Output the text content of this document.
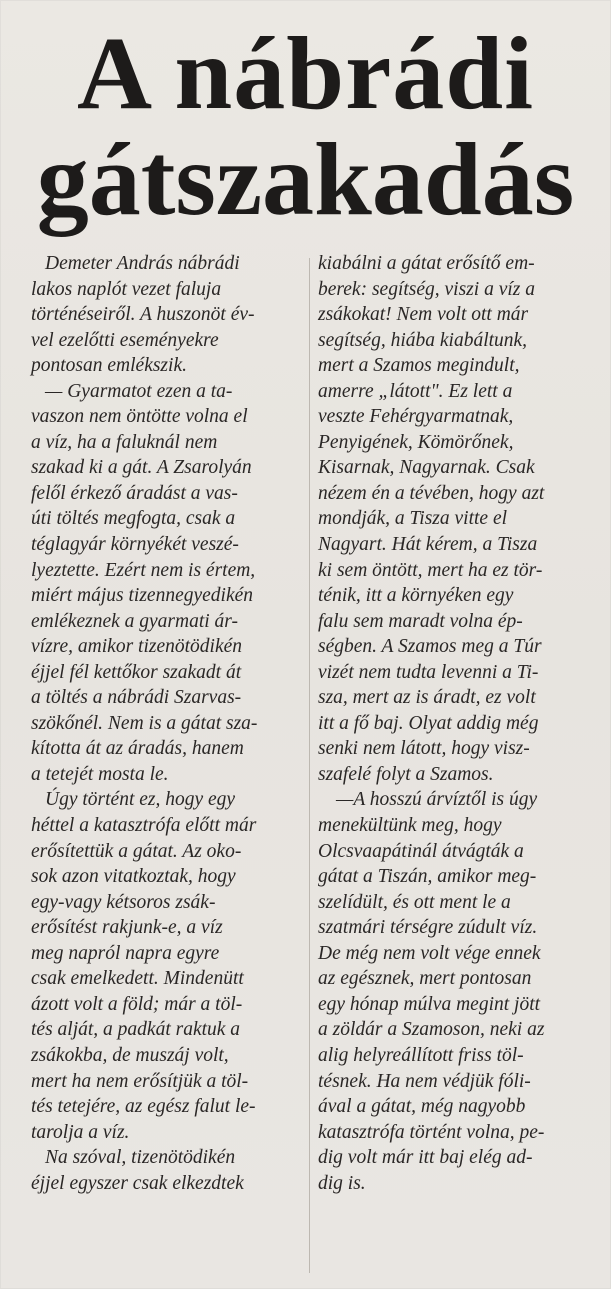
A nábrádi
gátszakadás
Demeter András nábrádi
lakos naplót vezet faluja
történéseiről. A huszonöt év-
vel ezelőtti eseményekre
pontosan emlékszik.
— Gyarmatot ezen a ta-
vaszon nem öntötte volna el
a víz, ha a faluknál nem
szakad ki a gát. A Zsarolyán
felől érkező áradást a vas-
úti töltés megfogta, csak a
téglagyár környékét veszé-
lyeztette. Ezért nem is értem,
miért május tizennegyedikén
emlékeznek a gyarmati ár-
vízre, amikor tizenötödikén
éjjel fél kettőkor szakadt át
a töltés a nábrádi Szarvas-
szökőnél. Nem is a gátat sza-
kította át az áradás, hanem
a tetejét mosta le.
Úgy történt ez, hogy egy
héttel a katasztrófa előtt már
erősítettük a gátat. Az oko-
sok azon vitatkoztak, hogy
egy-vagy kétsoros zsák-
erősítést rakjunk-e, a víz
meg napról napra egyre
csak emelkedett. Mindenütt
ázott volt a föld; már a töl-
tés alját, a padkát raktuk a
zsákokba, de muszáj volt,
mert ha nem erősítjük a töl-
tés tetejére, az egész falut le-
tarolja a víz.
Na szóval, tizenötödikén
éjjel egyszer csak elkezdtek
kiabálni a gátat erősítő em-
berek: segítség, viszi a víz a
zsákokat! Nem volt ott már
segítség, hiába kiabáltunk,
mert a Szamos megindult,
amerre „látott". Ez lett a
veszte Fehérgyarmatnak,
Penyigének, Kömörőnek,
Kisarnak, Nagyarnak. Csak
nézem én a tévében, hogy azt
mondják, a Tisza vitte el
Nagyart. Hát kérem, a Tisza
ki sem öntött, mert ha ez tör-
ténik, itt a környéken egy
falu sem maradt volna ép-
ségben. A Szamos meg a Túr
vizét nem tudta levenni a Ti-
sza, mert az is áradt, ez volt
itt a fő baj. Olyat addig még
senki nem látott, hogy visz-
szafelé folyt a Szamos.
—A hosszú árvíztől is úgy
menekültünk meg, hogy
Olcsvaapátinál átvágták a
gátat a Tiszán, amikor meg-
szelídült, és ott ment le a
szatmári térségre zúdult víz.
De még nem volt vége ennek
az egésznek, mert pontosan
egy hónap múlva megint jött
a zöldár a Szamoson, neki az
alig helyreállított friss töl-
tésnek. Ha nem védjük fóli-
ával a gátat, még nagyobb
katasztrófa történt volna, pe-
dig volt már itt baj elég ad-
dig is.
